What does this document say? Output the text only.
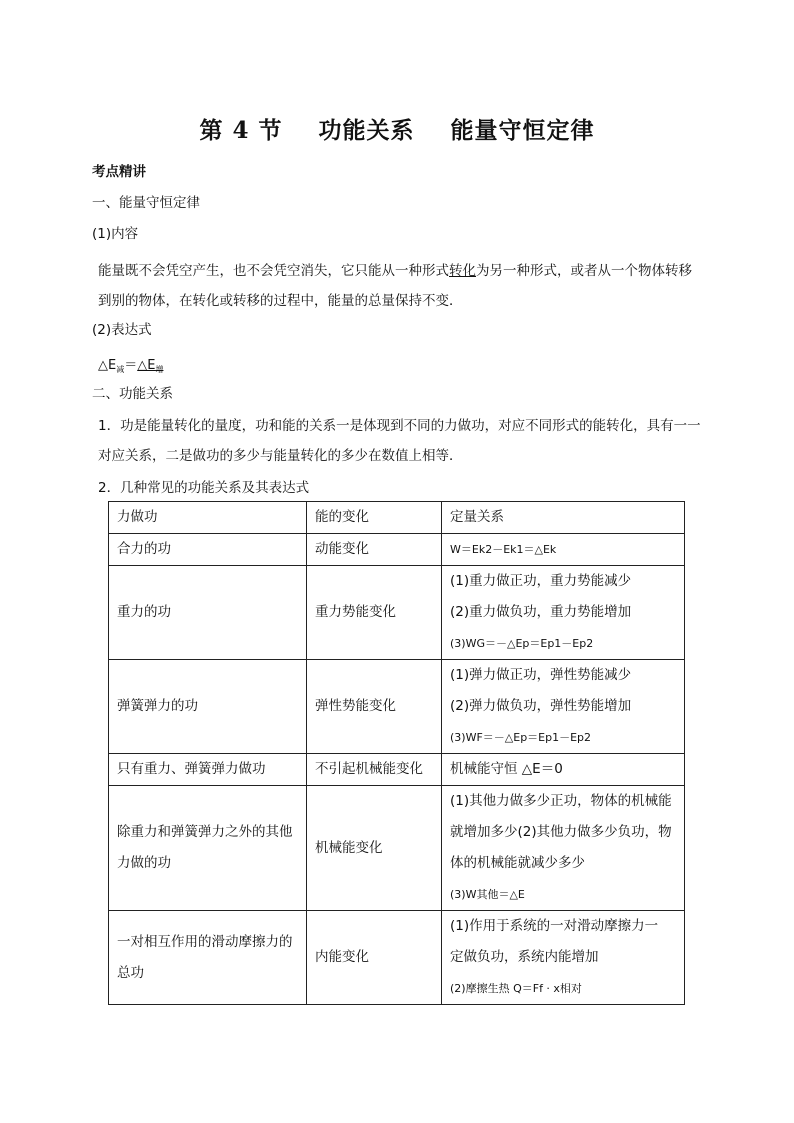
第 4 节    功能关系    能量守恒定律
考点精讲
一、能量守恒定律
(1)内容
能量既不会凭空产生，也不会凭空消失，它只能从一种形式转化为另一种形式，或者从一个物体转移到别的物体，在转化或转移的过程中，能量的总量保持不变．
(2)表达式
$\triangle E_减=\triangle E_增$
二、功能关系
1．功是能量转化的量度，功和能的关系一是体现到不同的力做功，对应不同形式的能转化，具有一一对应关系，二是做功的多少与能量转化的多少在数值上相等．
2．几种常见的功能关系及其表达式
力做功	能的变化	定量关系
合力的功	动能变化	W＝Ek2－Ek1＝△Ek

重力的功	重力势能变化	(1)重力做正功，重力势能减少
(2)重力做负功，重力势能增加
(3)WG＝－△Ep＝Ep1－Ep2

弹簧弹力的功	弹性势能变化	(1)弹力做正功，弹性势能减少
(2)弹力做负功，弹性势能增加
(3)WF＝－△Ep＝Ep1－Ep2

只有重力、弹簧弹力做功	不引起机械能变化	机械能守恒 △E＝0

除重力和弹簧弹力之外的其他力做的功	机械能变化	(1)其他力做多少正功，物体的机械能
就增加多少(2)其他力做多少负功，物
体的机械能就减少多少
(3)W其他＝△E

一对相互作用的滑动摩擦力的总功	内能变化	(1)作用于系统的一对滑动摩擦力一
定做负功，系统内能增加
(2)摩擦生热 Q＝Ff · x相对
